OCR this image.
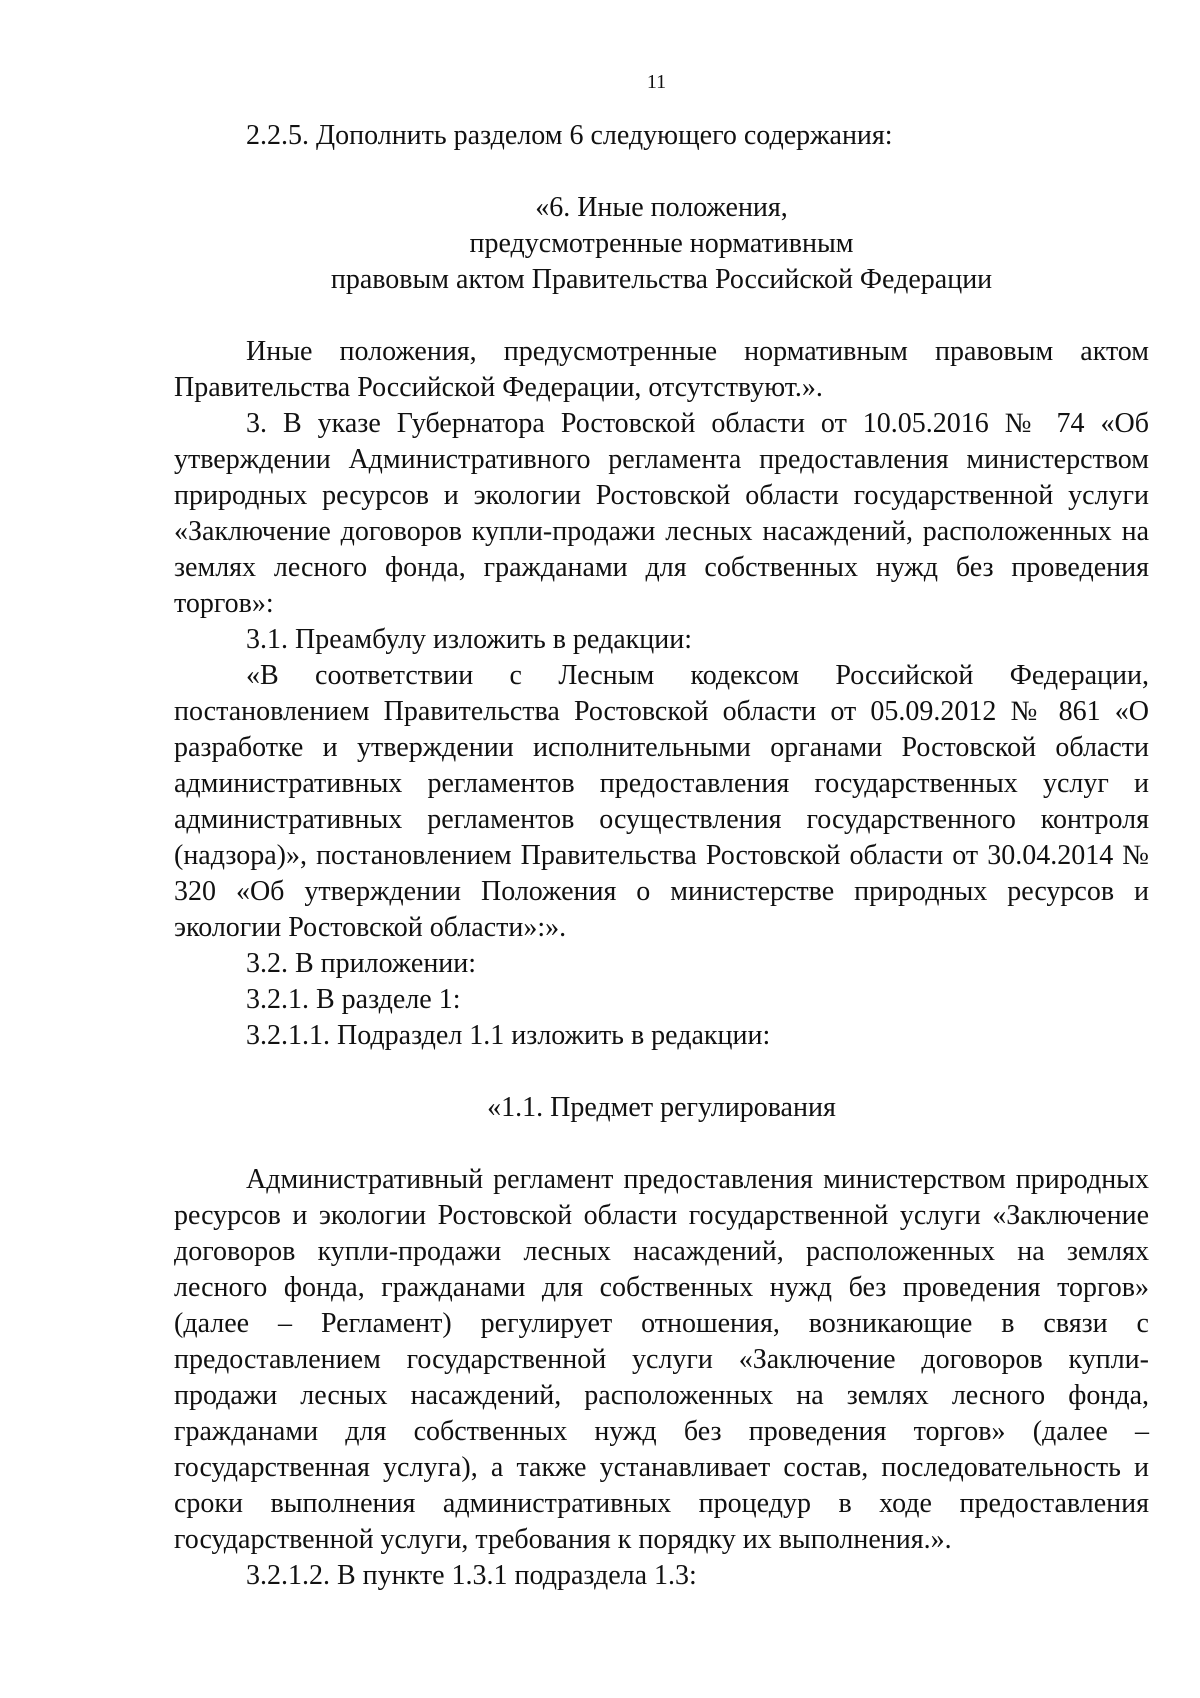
11

2.2.5. Дополнить разделом 6 следующего содержания:

«6. Иные положения,
предусмотренные нормативным
правовым актом Правительства Российской Федерации

Иные положения, предусмотренные нормативным правовым актом Правительства Российской Федерации, отсутствуют.».

3. В указе Губернатора Ростовской области от 10.05.2016 № 74 «Об утверждении Административного регламента предоставления министерством природных ресурсов и экологии Ростовской области государственной услуги «Заключение договоров купли-продажи лесных насаждений, расположенных на землях лесного фонда, гражданами для собственных нужд без проведения торгов»:

3.1. Преамбулу изложить в редакции:

«В соответствии с Лесным кодексом Российской Федерации, постановлением Правительства Ростовской области от 05.09.2012 № 861 «О разработке и утверждении исполнительными органами Ростовской области административных регламентов предоставления государственных услуг и административных регламентов осуществления государственного контроля (надзора)», постановлением Правительства Ростовской области от 30.04.2014 № 320 «Об утверждении Положения о министерстве природных ресурсов и экологии Ростовской области»:».

3.2. В приложении:

3.2.1. В разделе 1:

3.2.1.1. Подраздел 1.1 изложить в редакции:

«1.1. Предмет регулирования

Административный регламент предоставления министерством природных ресурсов и экологии Ростовской области государственной услуги «Заключение договоров купли-продажи лесных насаждений, расположенных на землях лесного фонда, гражданами для собственных нужд без проведения торгов» (далее – Регламент) регулирует отношения, возникающие в связи с предоставлением государственной услуги «Заключение договоров купли-продажи лесных насаждений, расположенных на землях лесного фонда, гражданами для собственных нужд без проведения торгов» (далее – государственная услуга), а также устанавливает состав, последовательность и сроки выполнения административных процедур в ходе предоставления государственной услуги, требования к порядку их выполнения.».

3.2.1.2. В пункте 1.3.1 подраздела 1.3:
